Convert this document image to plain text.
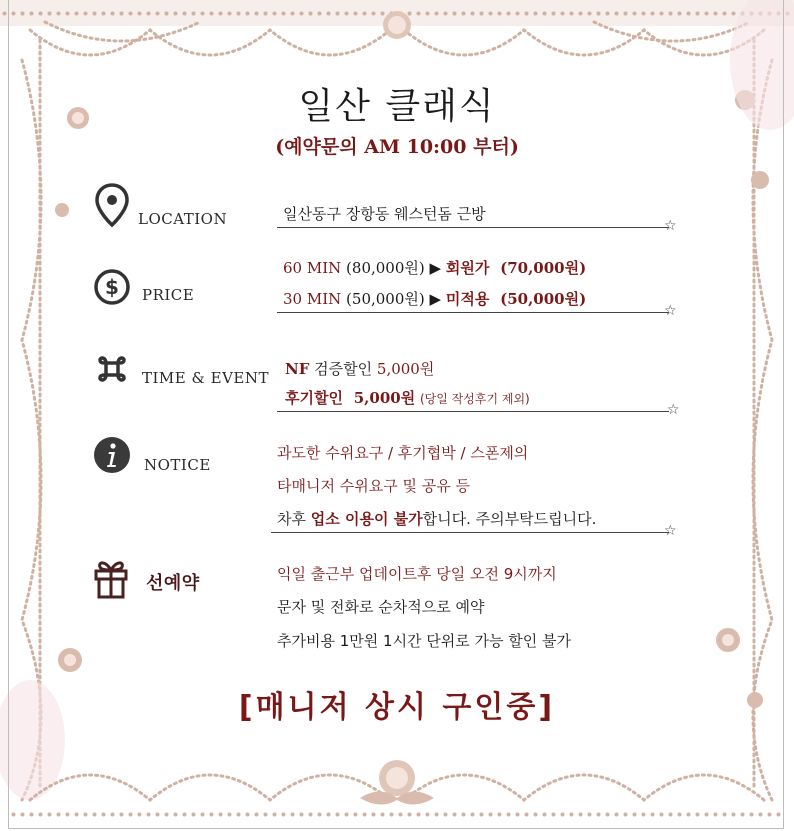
일산 클래식
(예약문의 AM 10:00 부터)
LOCATION	일산동구 장항동 웨스턴돔 근방
☆
$ PRICE
60 MIN (80,000원) ▶ 회원가 (70,000원)
30 MIN (50,000원) ▶ 미적용 (50,000원)
☆
TIME & EVENT NF 검증할인 5,000원
후기할인 5,000원 (당일 작성후기 제외)
☆
NOTICE
과도한 수위요구 / 후기협박 / 스폰제의
타매니저 수위요구 및 공유 등
차후 업소 이용이 불가합니다. 주의부탁드립니다.
☆
선예약	익일 출근부 업데이트후 당일 오전 9시까지
문자 및 전화로 순차적으로 예약
추가비용 1만원 1시간 단위로 가능 할인 불가
[매니저 상시 구인중]
